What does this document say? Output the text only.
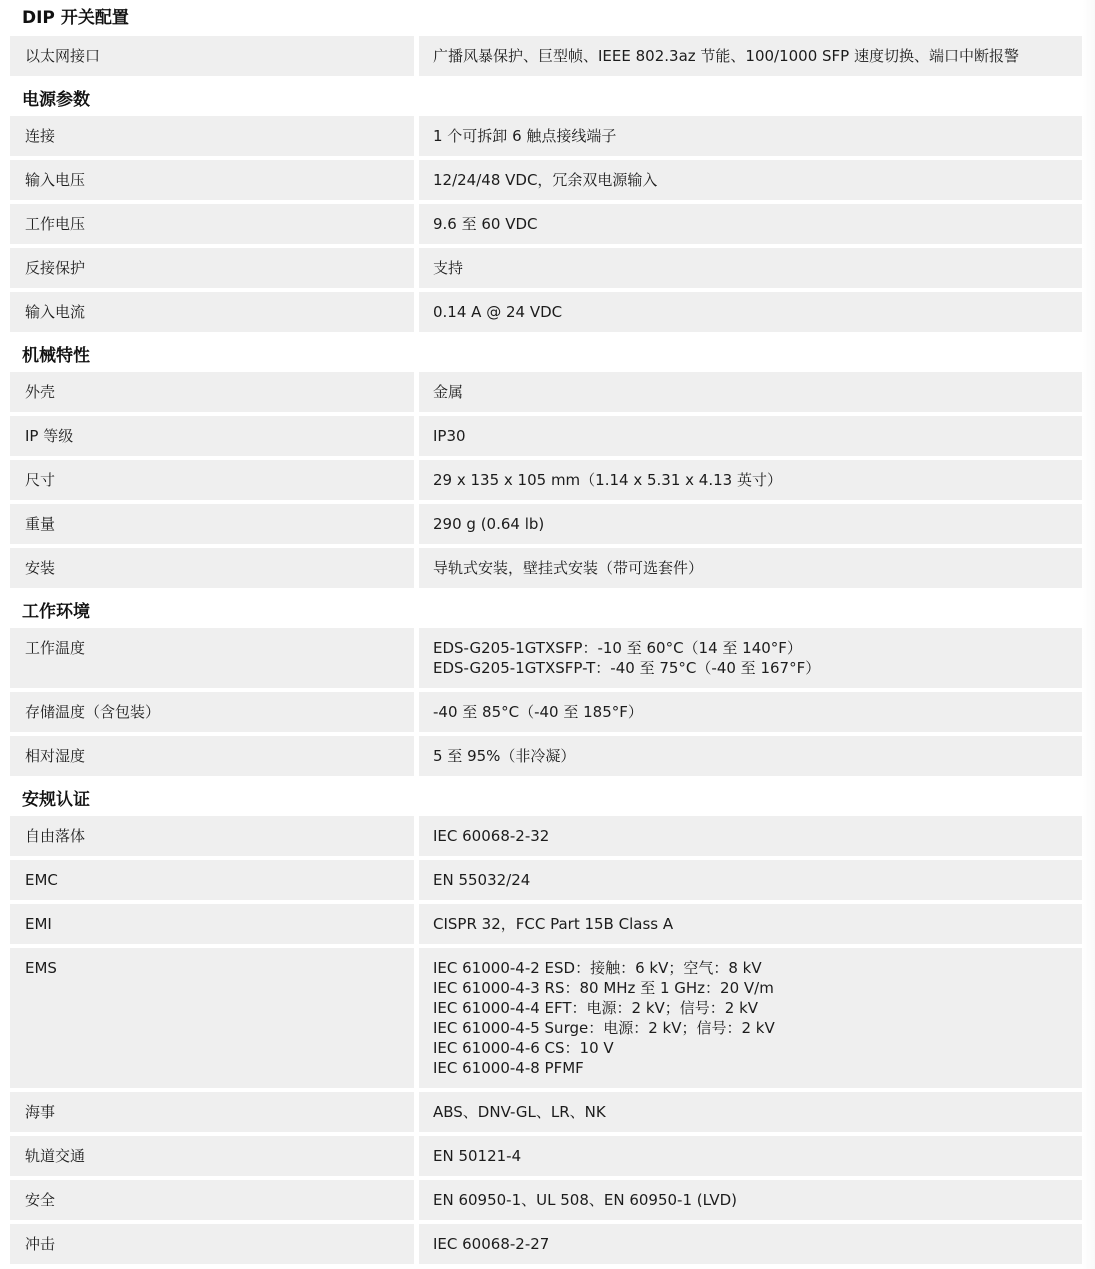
DIP 开关配置
以太网接口	广播风暴保护、巨型帧、IEEE 802.3az 节能、100/1000 SFP 速度切换、端口中断报警
电源参数
连接	1 个可拆卸 6 触点接线端子
输入电压	12/24/48 VDC，冗余双电源输入
工作电压	9.6 至 60 VDC
反接保护	支持
输入电流	0.14 A @ 24 VDC
机械特性
外壳	金属
IP 等级	IP30
尺寸	29 x 135 x 105 mm（1.14 x 5.31 x 4.13 英寸）
重量	290 g (0.64 lb)
安装	导轨式安装，壁挂式安装（带可选套件）
工作环境
工作温度	EDS-G205-1GTXSFP：-10 至 60°C（14 至 140°F）
EDS-G205-1GTXSFP-T：-40 至 75°C（-40 至 167°F）
存储温度（含包装）	-40 至 85°C（-40 至 185°F）
相对湿度	5 至 95%（非冷凝）
安规认证
自由落体	IEC 60068-2-32
EMC	EN 55032/24
EMI	CISPR 32，FCC Part 15B Class A
EMS	IEC 61000-4-2 ESD：接触：6 kV；空气：8 kV
IEC 61000-4-3 RS：80 MHz 至 1 GHz：20 V/m
IEC 61000-4-4 EFT：电源：2 kV；信号：2 kV
IEC 61000-4-5 Surge：电源：2 kV；信号：2 kV
IEC 61000-4-6 CS：10 V
IEC 61000-4-8 PFMF
海事	ABS、DNV-GL、LR、NK
轨道交通	EN 50121-4
安全	EN 60950-1、UL 508、EN 60950-1 (LVD)
冲击	IEC 60068-2-27
